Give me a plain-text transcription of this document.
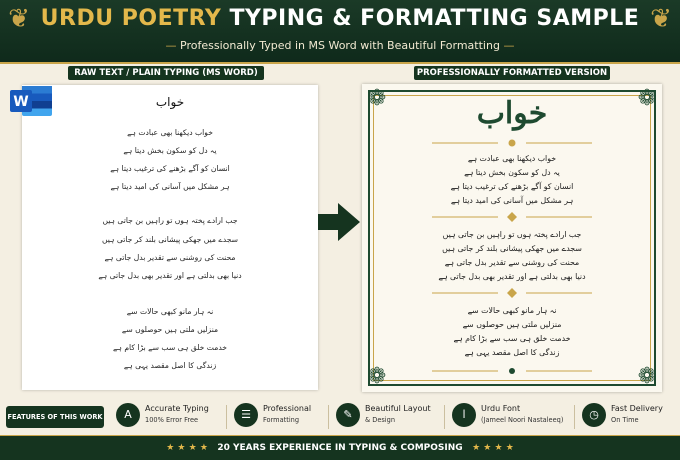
❦	❦
URDU POETRY TYPING & FORMATTING SAMPLE
— Professionally Typed in MS Word with Beautiful Formatting —
RAW TEXT / PLAIN TYPING (MS WORD)	PROFESSIONALLY FORMATTED VERSION
خواب
خواب دیکھنا بھی عبادت ہے
یہ دل کو سکون بخش دیتا ہے
انسان کو آگے بڑھنے کی ترغیب دیتا ہے
ہر مشکل میں آسانی کی امید دیتا ہے
جب ارادے پختہ ہوں تو راہیں بن جاتی ہیں
سجدے میں جھکی پیشانی بلند کر جاتی ہیں
محنت کی روشنی سے تقدیر بدل جاتی ہے
دنیا بھی بدلتی ہے اور تقدیر بھی بدل جاتی ہے
نہ ہار مانو کبھی حالات سے
منزلیں ملتی ہیں حوصلوں سے
خدمت خلق ہی سب سے بڑا کام ہے
زندگی کا اصل مقصد یہی ہے
W	❁	❁
❁	❁
خواب
خواب دیکھنا بھی عبادت ہے
یہ دل کو سکون بخش دیتا ہے
انسان کو آگے بڑھنے کی ترغیب دیتا ہے
ہر مشکل میں آسانی کی امید دیتا ہے
جب ارادے پختہ ہوں تو راہیں بن جاتی ہیں
سجدے میں جھکی پیشانی بلند کر جاتی ہیں
محنت کی روشنی سے تقدیر بدل جاتی ہے
دنیا بھی بدلتی ہے اور تقدیر بھی بدل جاتی ہے
نہ ہار مانو کبھی حالات سے
منزلیں ملتی ہیں حوصلوں سے
خدمت خلق ہی سب سے بڑا کام ہے
زندگی کا اصل مقصد یہی ہے
FEATURES OF THIS WORK	A	Accurate Typing
100% Error Free	☰	Professional
Formatting	✎	Beautiful Layout
& Design	ا	Urdu Font
(Jameel Noori Nastaleeq)	◷	Fast Delivery
On Time
★ ★ ★ ★ 20 YEARS EXPERIENCE IN TYPING & COMPOSING ★ ★ ★ ★
